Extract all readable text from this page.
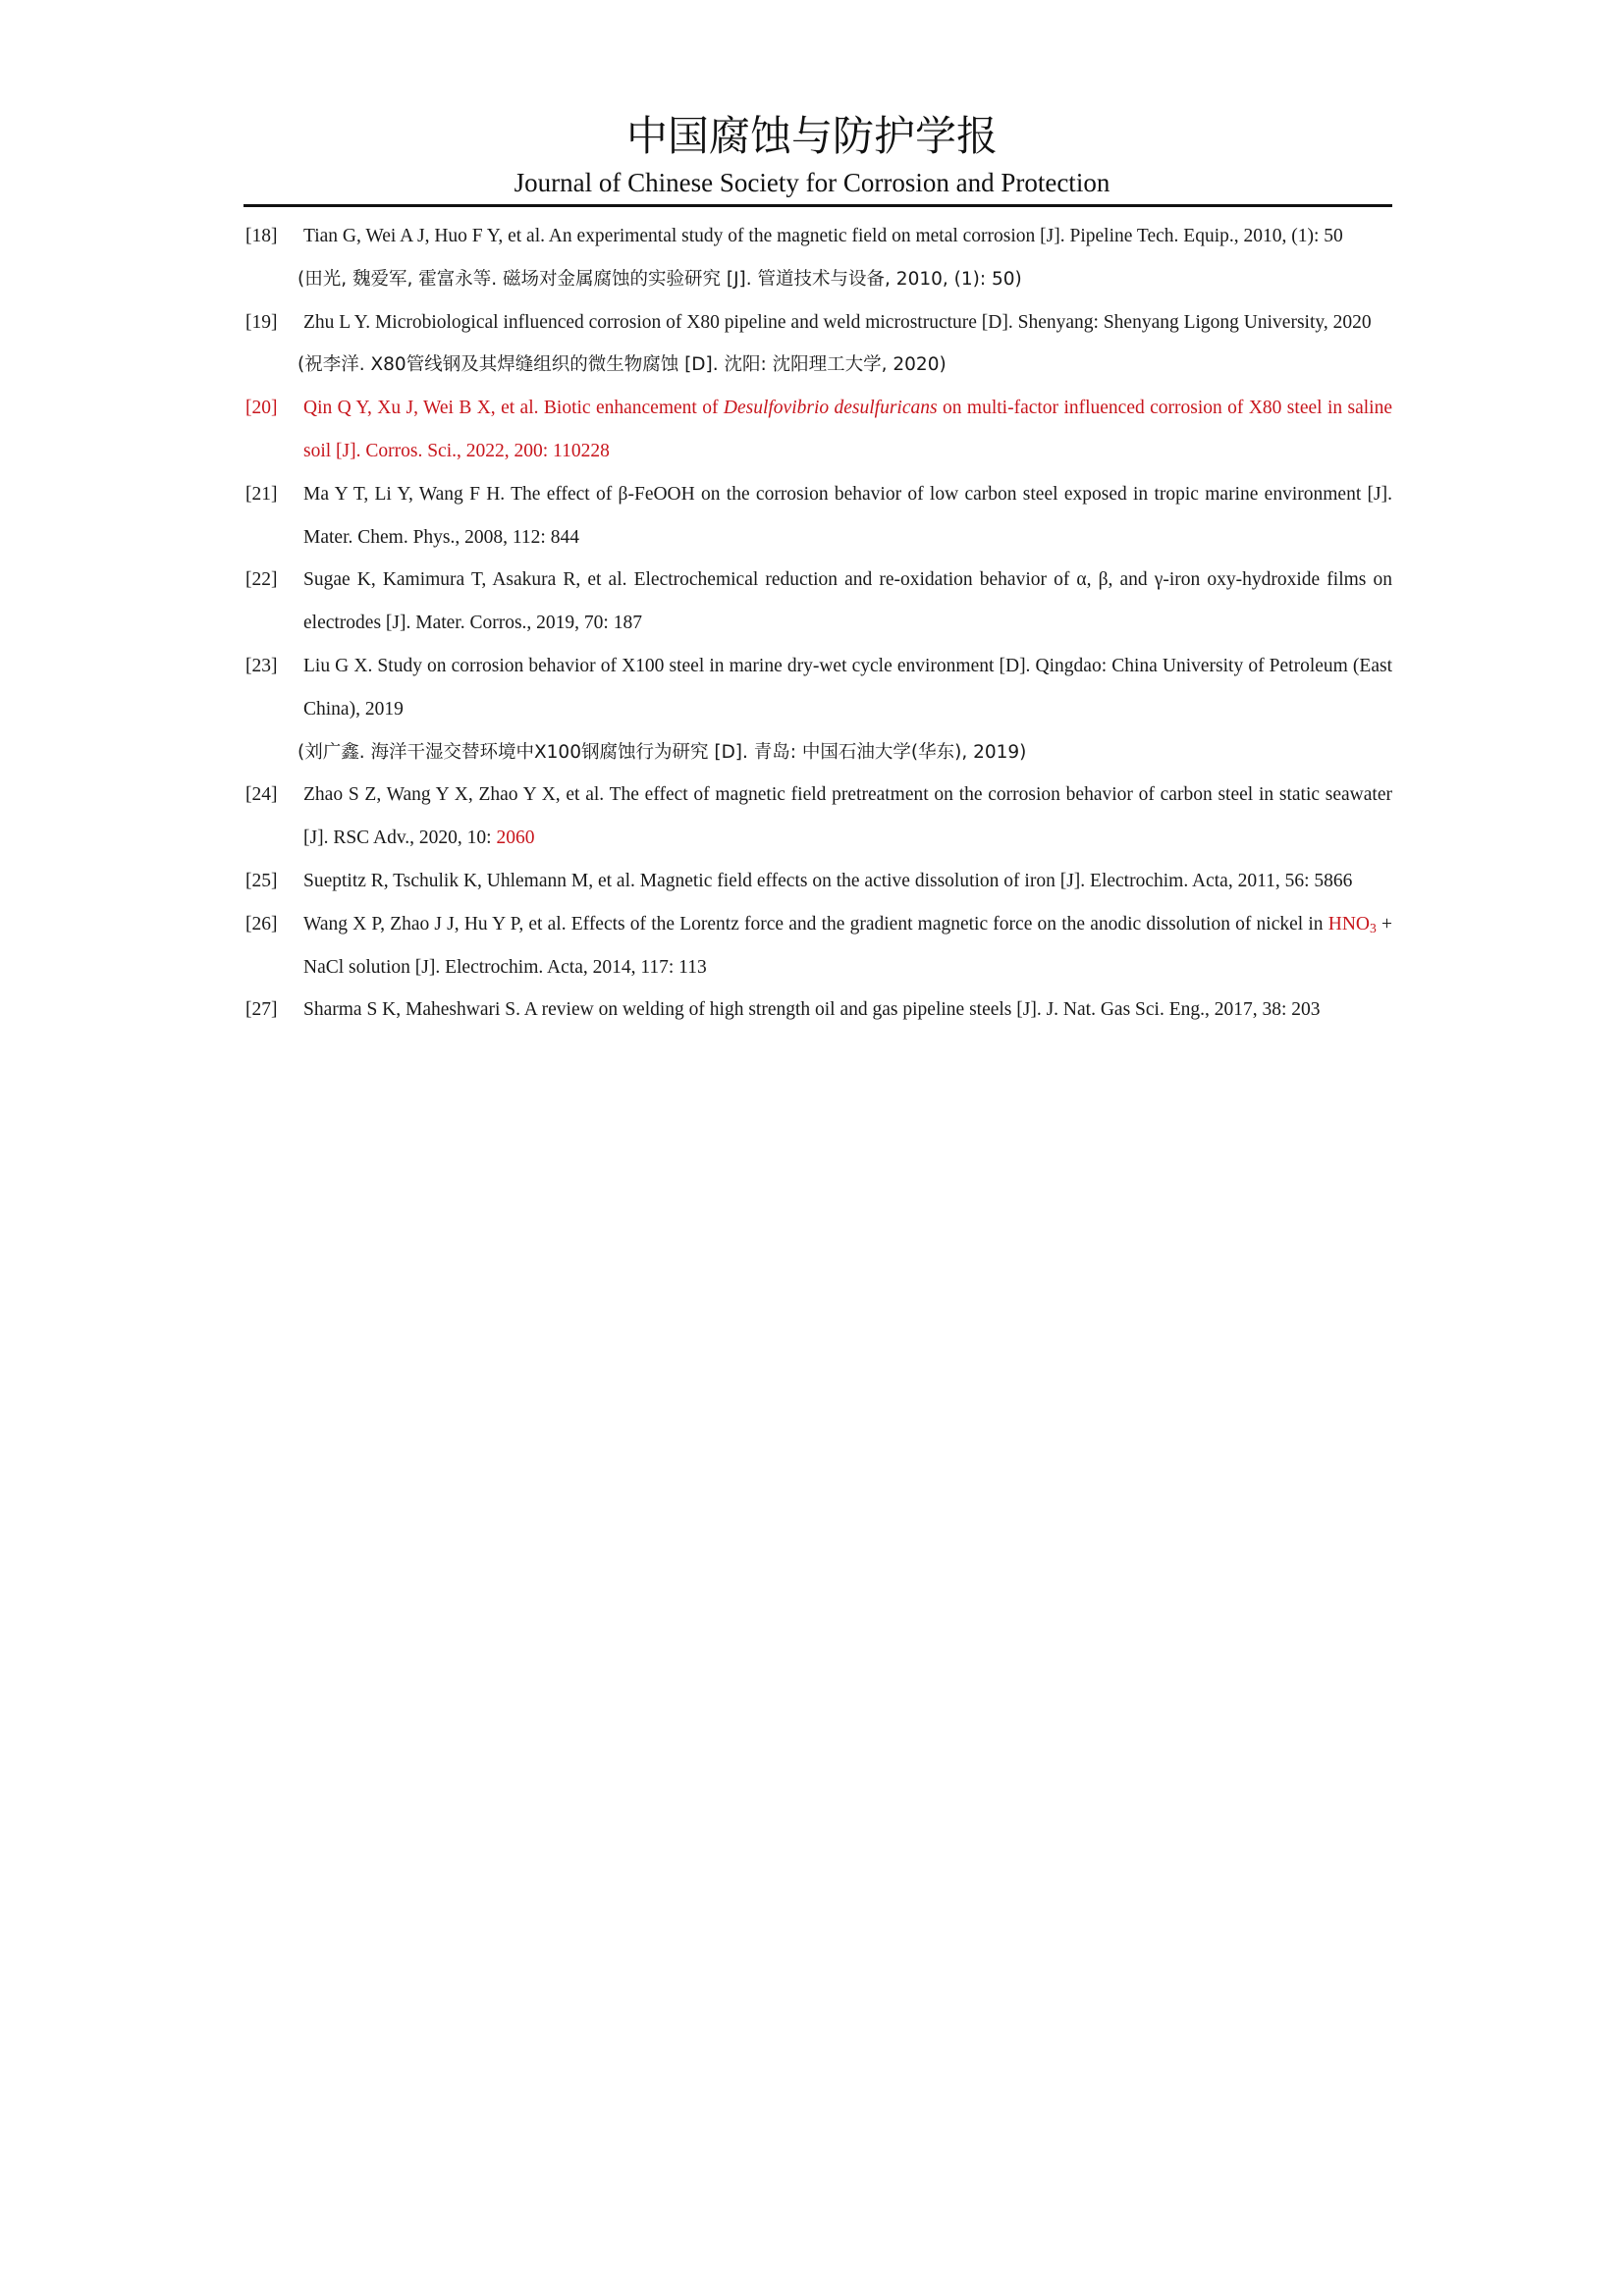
中国腐蚀与防护学报
Journal of Chinese Society for Corrosion and Protection
[18] Tian G, Wei A J, Huo F Y, et al. An experimental study of the magnetic field on metal corrosion [J]. Pipeline Tech. Equip., 2010, (1): 50
(田光, 魏爱军, 霍富永等. 磁场对金属腐蚀的实验研究 [J]. 管道技术与设备, 2010, (1): 50)
[19] Zhu L Y. Microbiological influenced corrosion of X80 pipeline and weld microstructure [D]. Shenyang: Shenyang Ligong University, 2020
(祝李洋. X80管线钢及其焊缝组织的微生物腐蚀 [D]. 沈阳: 沈阳理工大学, 2020)
[20] Qin Q Y, Xu J, Wei B X, et al. Biotic enhancement of Desulfovibrio desulfuricans on multi-factor influenced corrosion of X80 steel in saline soil [J]. Corros. Sci., 2022, 200: 110228
[21] Ma Y T, Li Y, Wang F H. The effect of β-FeOOH on the corrosion behavior of low carbon steel exposed in tropic marine environment [J]. Mater. Chem. Phys., 2008, 112: 844
[22] Sugae K, Kamimura T, Asakura R, et al. Electrochemical reduction and re-oxidation behavior of α, β, and γ-iron oxy-hydroxide films on electrodes [J]. Mater. Corros., 2019, 70: 187
[23] Liu G X. Study on corrosion behavior of X100 steel in marine dry-wet cycle environment [D]. Qingdao: China University of Petroleum (East China), 2019
(刘广鑫. 海洋干湿交替环境中X100钢腐蚀行为研究 [D]. 青岛: 中国石油大学(华东), 2019)
[24] Zhao S Z, Wang Y X, Zhao Y X, et al. The effect of magnetic field pretreatment on the corrosion behavior of carbon steel in static seawater [J]. RSC Adv., 2020, 10: 2060
[25] Sueptitz R, Tschulik K, Uhlemann M, et al. Magnetic field effects on the active dissolution of iron [J]. Electrochim. Acta, 2011, 56: 5866
[26] Wang X P, Zhao J J, Hu Y P, et al. Effects of the Lorentz force and the gradient magnetic force on the anodic dissolution of nickel in $HNO_3$ + NaCl solution [J]. Electrochim. Acta, 2014, 117: 113
[27] Sharma S K, Maheshwari S. A review on welding of high strength oil and gas pipeline steels [J]. J. Nat. Gas Sci. Eng., 2017, 38: 203
